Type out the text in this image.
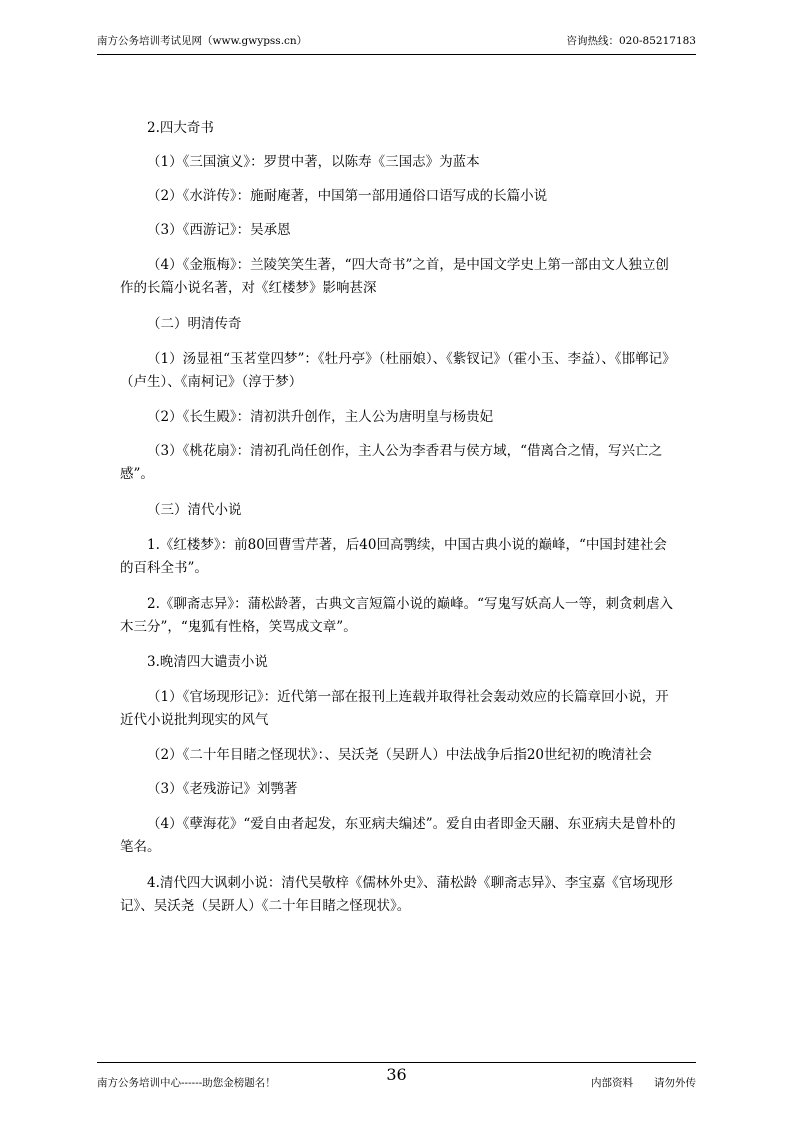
南方公务培训考试见网（www.gwypss.cn）	咨询热线：020-85217183
2.四大奇书
（1）《三国演义》：罗贯中著，以陈寿《三国志》为蓝本
（2）《水浒传》：施耐庵著，中国第一部用通俗口语写成的长篇小说
（3）《西游记》：吴承恩
（4）《金瓶梅》：兰陵笑笑生著，“四大奇书”之首，是中国文学史上第一部由文人独立创作的长篇小说名著，对《红楼梦》影响甚深
（二）明清传奇
（1）汤显祖“玉茗堂四梦”：《牡丹亭》（杜丽娘）、《紫钗记》（霍小玉、李益）、《邯郸记》（卢生）、《南柯记》（淳于梦）
（2）《长生殿》：清初洪升创作，主人公为唐明皇与杨贵妃
（3）《桃花扇》：清初孔尚任创作，主人公为李香君与侯方域，“借离合之情，写兴亡之感”。
（三）清代小说
1.《红楼梦》：前80回曹雪芹著，后40回高鹗续，中国古典小说的巅峰，“中国封建社会的百科全书”。
2.《聊斋志异》：蒲松龄著，古典文言短篇小说的巅峰。“写鬼写妖高人一等，刺贪刺虐入木三分”，“鬼狐有性格，笑骂成文章”。
3.晚清四大谴责小说
（1）《官场现形记》：近代第一部在报刊上连载并取得社会轰动效应的长篇章回小说，开近代小说批判现实的风气
（2）《二十年目睹之怪现状》：、吴沃尧（吴趼人）中法战争后指20世纪初的晚清社会
（3）《老残游记》刘鹗著
（4）《孽海花》“爱自由者起发，东亚病夫编述”。爱自由者即金天翮、东亚病夫是曾朴的笔名。
4.清代四大讽刺小说：清代吴敬梓《儒林外史》、蒲松龄《聊斋志异》、李宝嘉《官场现形记》、吴沃尧（吴趼人）《二十年目睹之怪现状》。
南方公务培训中心------助您金榜题名！	36	内部资料　　请勿外传
